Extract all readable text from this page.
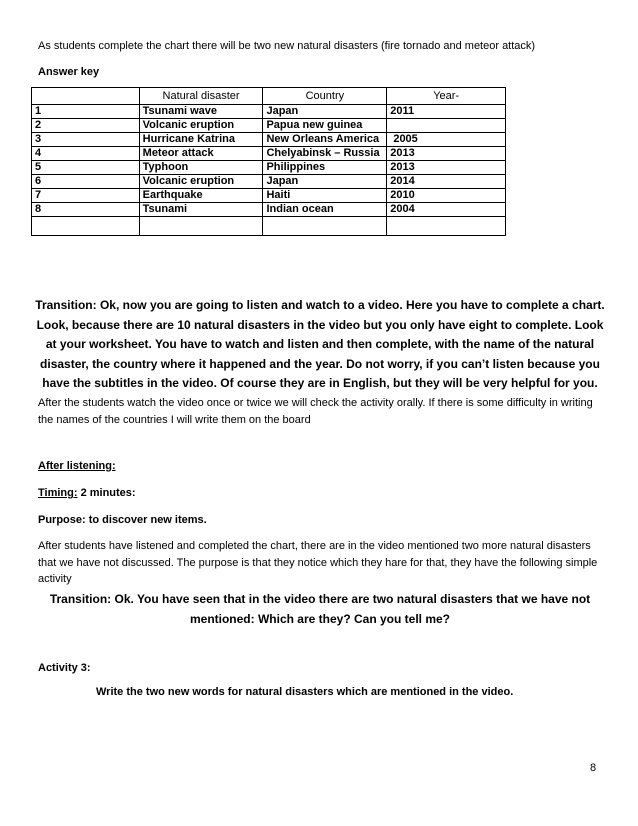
As students complete the chart there will be two new natural disasters (fire tornado and meteor attack)

Answer key

	Natural disaster	Country	Year-
1	Tsunami wave	Japan	2011
2	Volcanic eruption	Papua new guinea	
3	Hurricane Katrina	New Orleans America	2005
4	Meteor attack	Chelyabinsk – Russia	2013
5	Typhoon	Philippines	2013
6	Volcanic eruption	Japan	2014
7	Earthquake	Haiti	2010
8	Tsunami	Indian ocean	2004

Transition: Ok, now you are going to listen and watch to a video. Here you have to complete a chart. Look, because there are 10 natural disasters in the video but you only have eight to complete. Look at your worksheet. You have to watch and listen and then complete, with the name of the natural disaster, the country where it happened and the year. Do not worry, if you can’t listen because you have the subtitles in the video. Of course they are in English, but they will be very helpful for you.

After the students watch the video once or twice we will check the activity orally. If there is some difficulty in writing the names of the countries I will write them on the board

After listening:

Timing: 2 minutes:

Purpose: to discover new items.

After students have listened and completed the chart, there are in the video mentioned two more natural disasters that we have not discussed. The purpose is that they notice which they hare for that, they have the following simple activity

Transition: Ok. You have seen that in the video there are two natural disasters that we have not mentioned: Which are they? Can you tell me?

Activity 3:

Write the two new words for natural disasters which are mentioned in the video.

8
